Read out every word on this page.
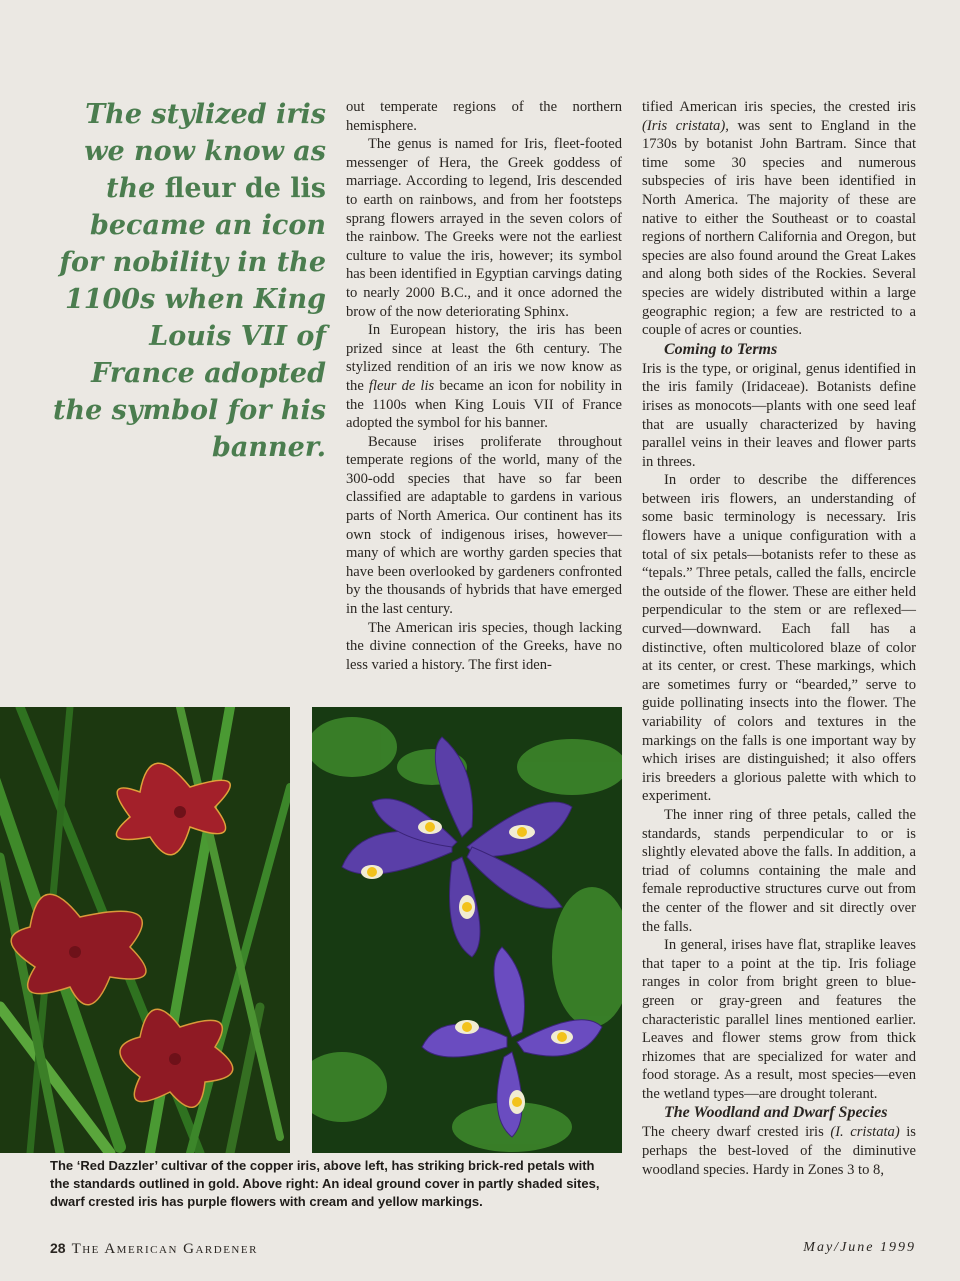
The stylized iris we now know as the fleur de lis became an icon for nobility in the 1100s when King Louis VII of France adopted the symbol for his banner.

out temperate regions of the northern hemisphere.

The genus is named for Iris, fleet-footed messenger of Hera, the Greek goddess of marriage. According to legend, Iris descended to earth on rainbows, and from her footsteps sprang flowers arrayed in the seven colors of the rainbow. The Greeks were not the earliest culture to value the iris, however; its symbol has been identified in Egyptian carvings dating to nearly 2000 B.C., and it once adorned the brow of the now deteriorating Sphinx.

In European history, the iris has been prized since at least the 6th century. The stylized rendition of an iris we now know as the fleur de lis became an icon for nobility in the 1100s when King Louis VII of France adopted the symbol for his banner.

Because irises proliferate throughout temperate regions of the world, many of the 300-odd species that have so far been classified are adaptable to gardens in various parts of North America. Our continent has its own stock of indigenous irises, however—many of which are worthy garden species that have been overlooked by gardeners confronted by the thousands of hybrids that have emerged in the last century.

The American iris species, though lacking the divine connection of the Greeks, have no less varied a history. The first iden-

tified American iris species, the crested iris (Iris cristata), was sent to England in the 1730s by botanist John Bartram. Since that time some 30 species and numerous subspecies of iris have been identified in North America. The majority of these are native to either the Southeast or to coastal regions of northern California and Oregon, but species are also found around the Great Lakes and along both sides of the Rockies. Several species are widely distributed within a large geographic region; a few are restricted to a couple of acres or counties.

Coming to Terms

Iris is the type, or original, genus identified in the iris family (Iridaceae). Botanists define irises as monocots—plants with one seed leaf that are usually characterized by having parallel veins in their leaves and flower parts in threes.

In order to describe the differences between iris flowers, an understanding of some basic terminology is necessary. Iris flowers have a unique configuration with a total of six petals—botanists refer to these as “tepals.” Three petals, called the falls, encircle the outside of the flower. These are either held perpendicular to the stem or are reflexed—curved—downward. Each fall has a distinctive, often multicolored blaze of color at its center, or crest. These markings, which are sometimes furry or “bearded,” serve to guide pollinating insects into the flower. The variability of colors and textures in the markings on the falls is one important way by which irises are distinguished; it also offers iris breeders a glorious palette with which to experiment.

The inner ring of three petals, called the standards, stands perpendicular to or is slightly elevated above the falls. In addition, a triad of columns containing the male and female reproductive structures curve out from the center of the flower and sit directly over the falls.

In general, irises have flat, straplike leaves that taper to a point at the tip. Iris foliage ranges in color from bright green to blue-green or gray-green and features the characteristic parallel lines mentioned earlier. Leaves and flower stems grow from thick rhizomes that are specialized for water and food storage. As a result, most species—even the wetland types—are drought tolerant.

The Woodland and Dwarf Species

The cheery dwarf crested iris (I. cristata) is perhaps the best-loved of the diminutive woodland species. Hardy in Zones 3 to 8,

The ‘Red Dazzler’ cultivar of the copper iris, above left, has striking brick-red petals with the standards outlined in gold. Above right: An ideal ground cover in partly shaded sites, dwarf crested iris has purple flowers with cream and yellow markings.

28 The American Gardener	May/June 1999
